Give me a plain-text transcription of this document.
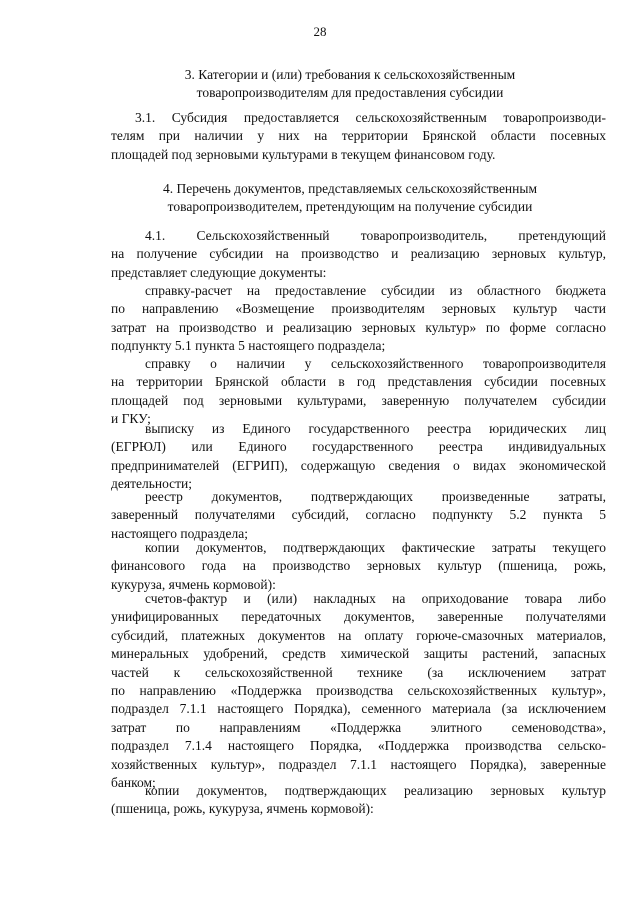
28
3. Категории и (или) требования к сельскохозяйственным
товаропроизводителям для предоставления субсидии
3.1. Субсидия предоставляется сельскохозяйственным товаропроизводи-
телям при наличии у них на территории Брянской области посевных
площадей под зерновыми культурами в текущем финансовом году.
4. Перечень документов, представляемых сельскохозяйственным
товаропроизводителем, претендующим на получение субсидии
4.1. Сельскохозяйственный товаропроизводитель, претендующий
на получение субсидии на производство и реализацию зерновых культур,
представляет следующие документы:
справку-расчет на предоставление субсидии из областного бюджета
по направлению «Возмещение производителям зерновых культур части
затрат на производство и реализацию зерновых культур» по форме согласно
подпункту 5.1 пункта 5 настоящего подраздела;
справку о наличии у сельскохозяйственного товаропроизводителя
на территории Брянской области в год представления субсидии посевных
площадей под зерновыми культурами, заверенную получателем субсидии
и ГКУ;
выписку из Единого государственного реестра юридических лиц
(ЕГРЮЛ) или Единого государственного реестра индивидуальных
предпринимателей (ЕГРИП), содержащую сведения о видах экономической
деятельности;
реестр документов, подтверждающих произведенные затраты,
заверенный получателями субсидий, согласно подпункту 5.2 пункта 5
настоящего подраздела;
копии документов, подтверждающих фактические затраты текущего
финансового года на производство зерновых культур (пшеница, рожь,
кукуруза, ячмень кормовой):
счетов-фактур и (или) накладных на оприходование товара либо
унифицированных передаточных документов, заверенные получателями
субсидий, платежных документов на оплату горюче-смазочных материалов,
минеральных удобрений, средств химической защиты растений, запасных
частей к сельскохозяйственной технике (за исключением затрат
по направлению «Поддержка производства сельскохозяйственных культур»,
подраздел 7.1.1 настоящего Порядка), семенного материала (за исключением
затрат по направлениям «Поддержка элитного семеноводства»,
подраздел 7.1.4 настоящего Порядка, «Поддержка производства сельско-
хозяйственных культур», подраздел 7.1.1 настоящего Порядка), заверенные
банком;
копии документов, подтверждающих реализацию зерновых культур
(пшеница, рожь, кукуруза, ячмень кормовой):
